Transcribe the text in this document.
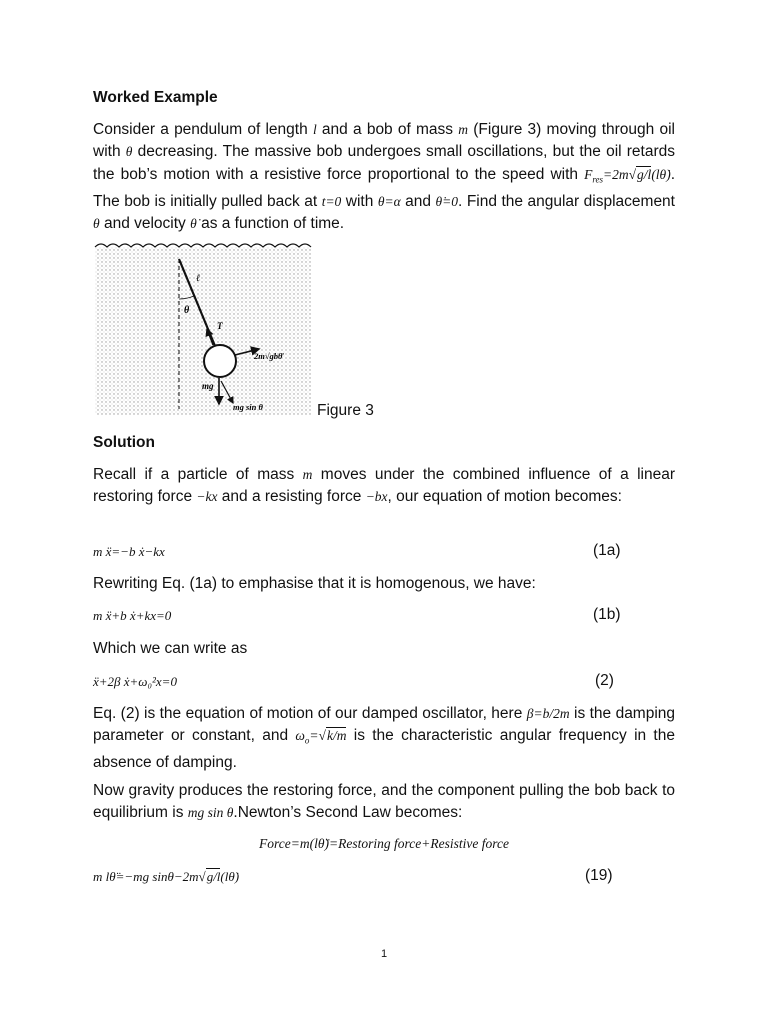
Worked Example

Consider a pendulum of length l and a bob of mass m (Figure 3) moving through oil with θ decreasing. The massive bob undergoes small oscillations, but the oil retards the bob’s motion with a resistive force proportional to the speed with $F_{res}=2m√g/l(l\thetȧ)$. The bob is initially pulled back at t=0 with θ=α and θ̇=0. Find the angular displacement θ and velocity θ̇ as a function of time.

ℓ
θ
T
2m√gbθ̇
mg
mg sin θ	Figure 3
Solution

Recall if a particle of mass m moves under the combined influence of a linear restoring force −kx and a resisting force −bx, our equation of motion becomes:

m ẍ=−b ẋ−kx	(1a)
Rewriting Eq. (1a) to emphasise that it is homogenous, we have:
m ẍ+b ẋ+kx=0	(1b)
Which we can write as
ẍ+2β ẋ+ω₀²x=0	(2)

Eq. (2) is the equation of motion of our damped oscillator, here β=b/2m is the damping parameter or constant, and $\omega_o=√k/m$ is the characteristic angular frequency in the absence of damping.

Now gravity produces the restoring force, and the component pulling the bob back to equilibrium is mg sin θ.Newton’s Second Law becomes:

Force=m(lθ̈)=Restoring force+Resistive force
m lθ̈=−mg sinθ−2m√g/l(lθ̇)	(19)
1
